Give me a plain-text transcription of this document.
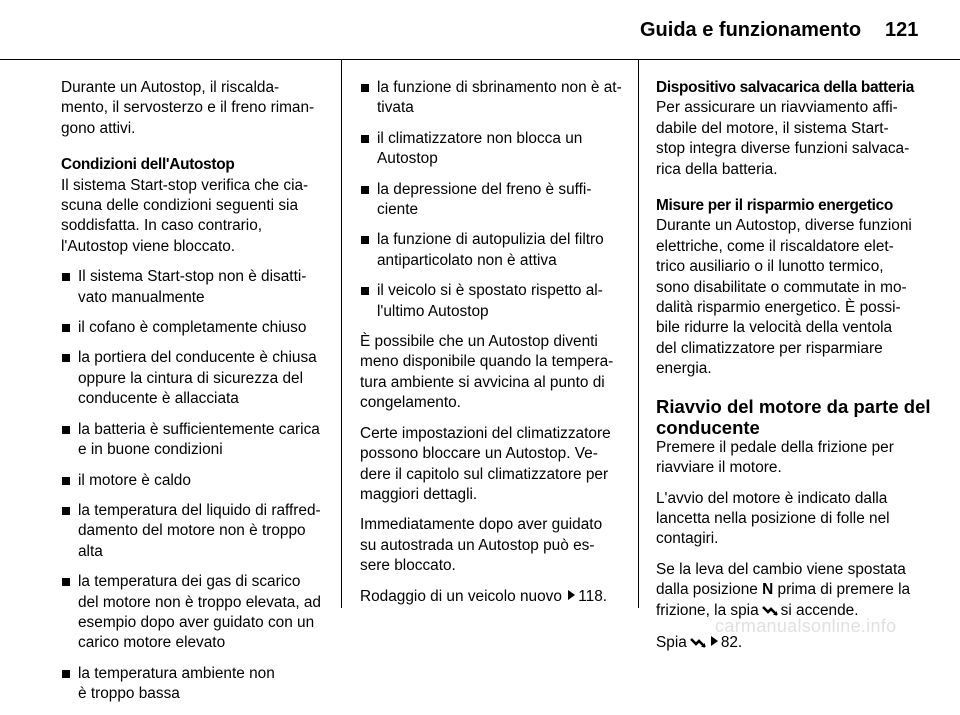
Guida e funzionamento 121

Durante un Autostop, il riscalda-
mento, il servosterzo e il freno riman-
gono attivi.

Condizioni dell'Autostop

Il sistema Start-stop verifica che cia-
scuna delle condizioni seguenti sia
soddisfatta. In caso contrario,
l'Autostop viene bloccato.

Il sistema Start-stop non è disatti-
vato manualmente
il cofano è completamente chiuso
la portiera del conducente è chiusa
oppure la cintura di sicurezza del
conducente è allacciata
la batteria è sufficientemente carica
e in buone condizioni
il motore è caldo
la temperatura del liquido di raffred-
damento del motore non è troppo
alta
la temperatura dei gas di scarico
del motore non è troppo elevata, ad
esempio dopo aver guidato con un
carico motore elevato
la temperatura ambiente non
è troppo bassa
la funzione di sbrinamento non è at-
tivata
il climatizzatore non blocca un
Autostop
la depressione del freno è suffi-
ciente
la funzione di autopulizia del filtro
antiparticolato non è attiva
il veicolo si è spostato rispetto al-
l'ultimo Autostop

È possibile che un Autostop diventi
meno disponibile quando la tempera-
tura ambiente si avvicina al punto di
congelamento.

Certe impostazioni del climatizzatore
possono bloccare un Autostop. Ve-
dere il capitolo sul climatizzatore per
maggiori dettagli.

Immediatamente dopo aver guidato
su autostrada un Autostop può es-
sere bloccato.

Rodaggio di un veicolo nuovo 118.

Dispositivo salvacarica della batteria

Per assicurare un riavviamento affi-
dabile del motore, il sistema Start-
stop integra diverse funzioni salvaca-
rica della batteria.

Misure per il risparmio energetico

Durante un Autostop, diverse funzioni
elettriche, come il riscaldatore elet-
trico ausiliario o il lunotto termico,
sono disabilitate o commutate in mo-
dalità risparmio energetico. È possi-
bile ridurre la velocità della ventola
del climatizzatore per risparmiare
energia.

Riavvio del motore da parte del
conducente

Premere il pedale della frizione per
riavviare il motore.

L'avvio del motore è indicato dalla
lancetta nella posizione di folle nel
contagiri.

Se la leva del cambio viene spostata
dalla posizione N prima di premere la
frizione, la spia si accende.

Spia 82.

carmanualsonline.info
